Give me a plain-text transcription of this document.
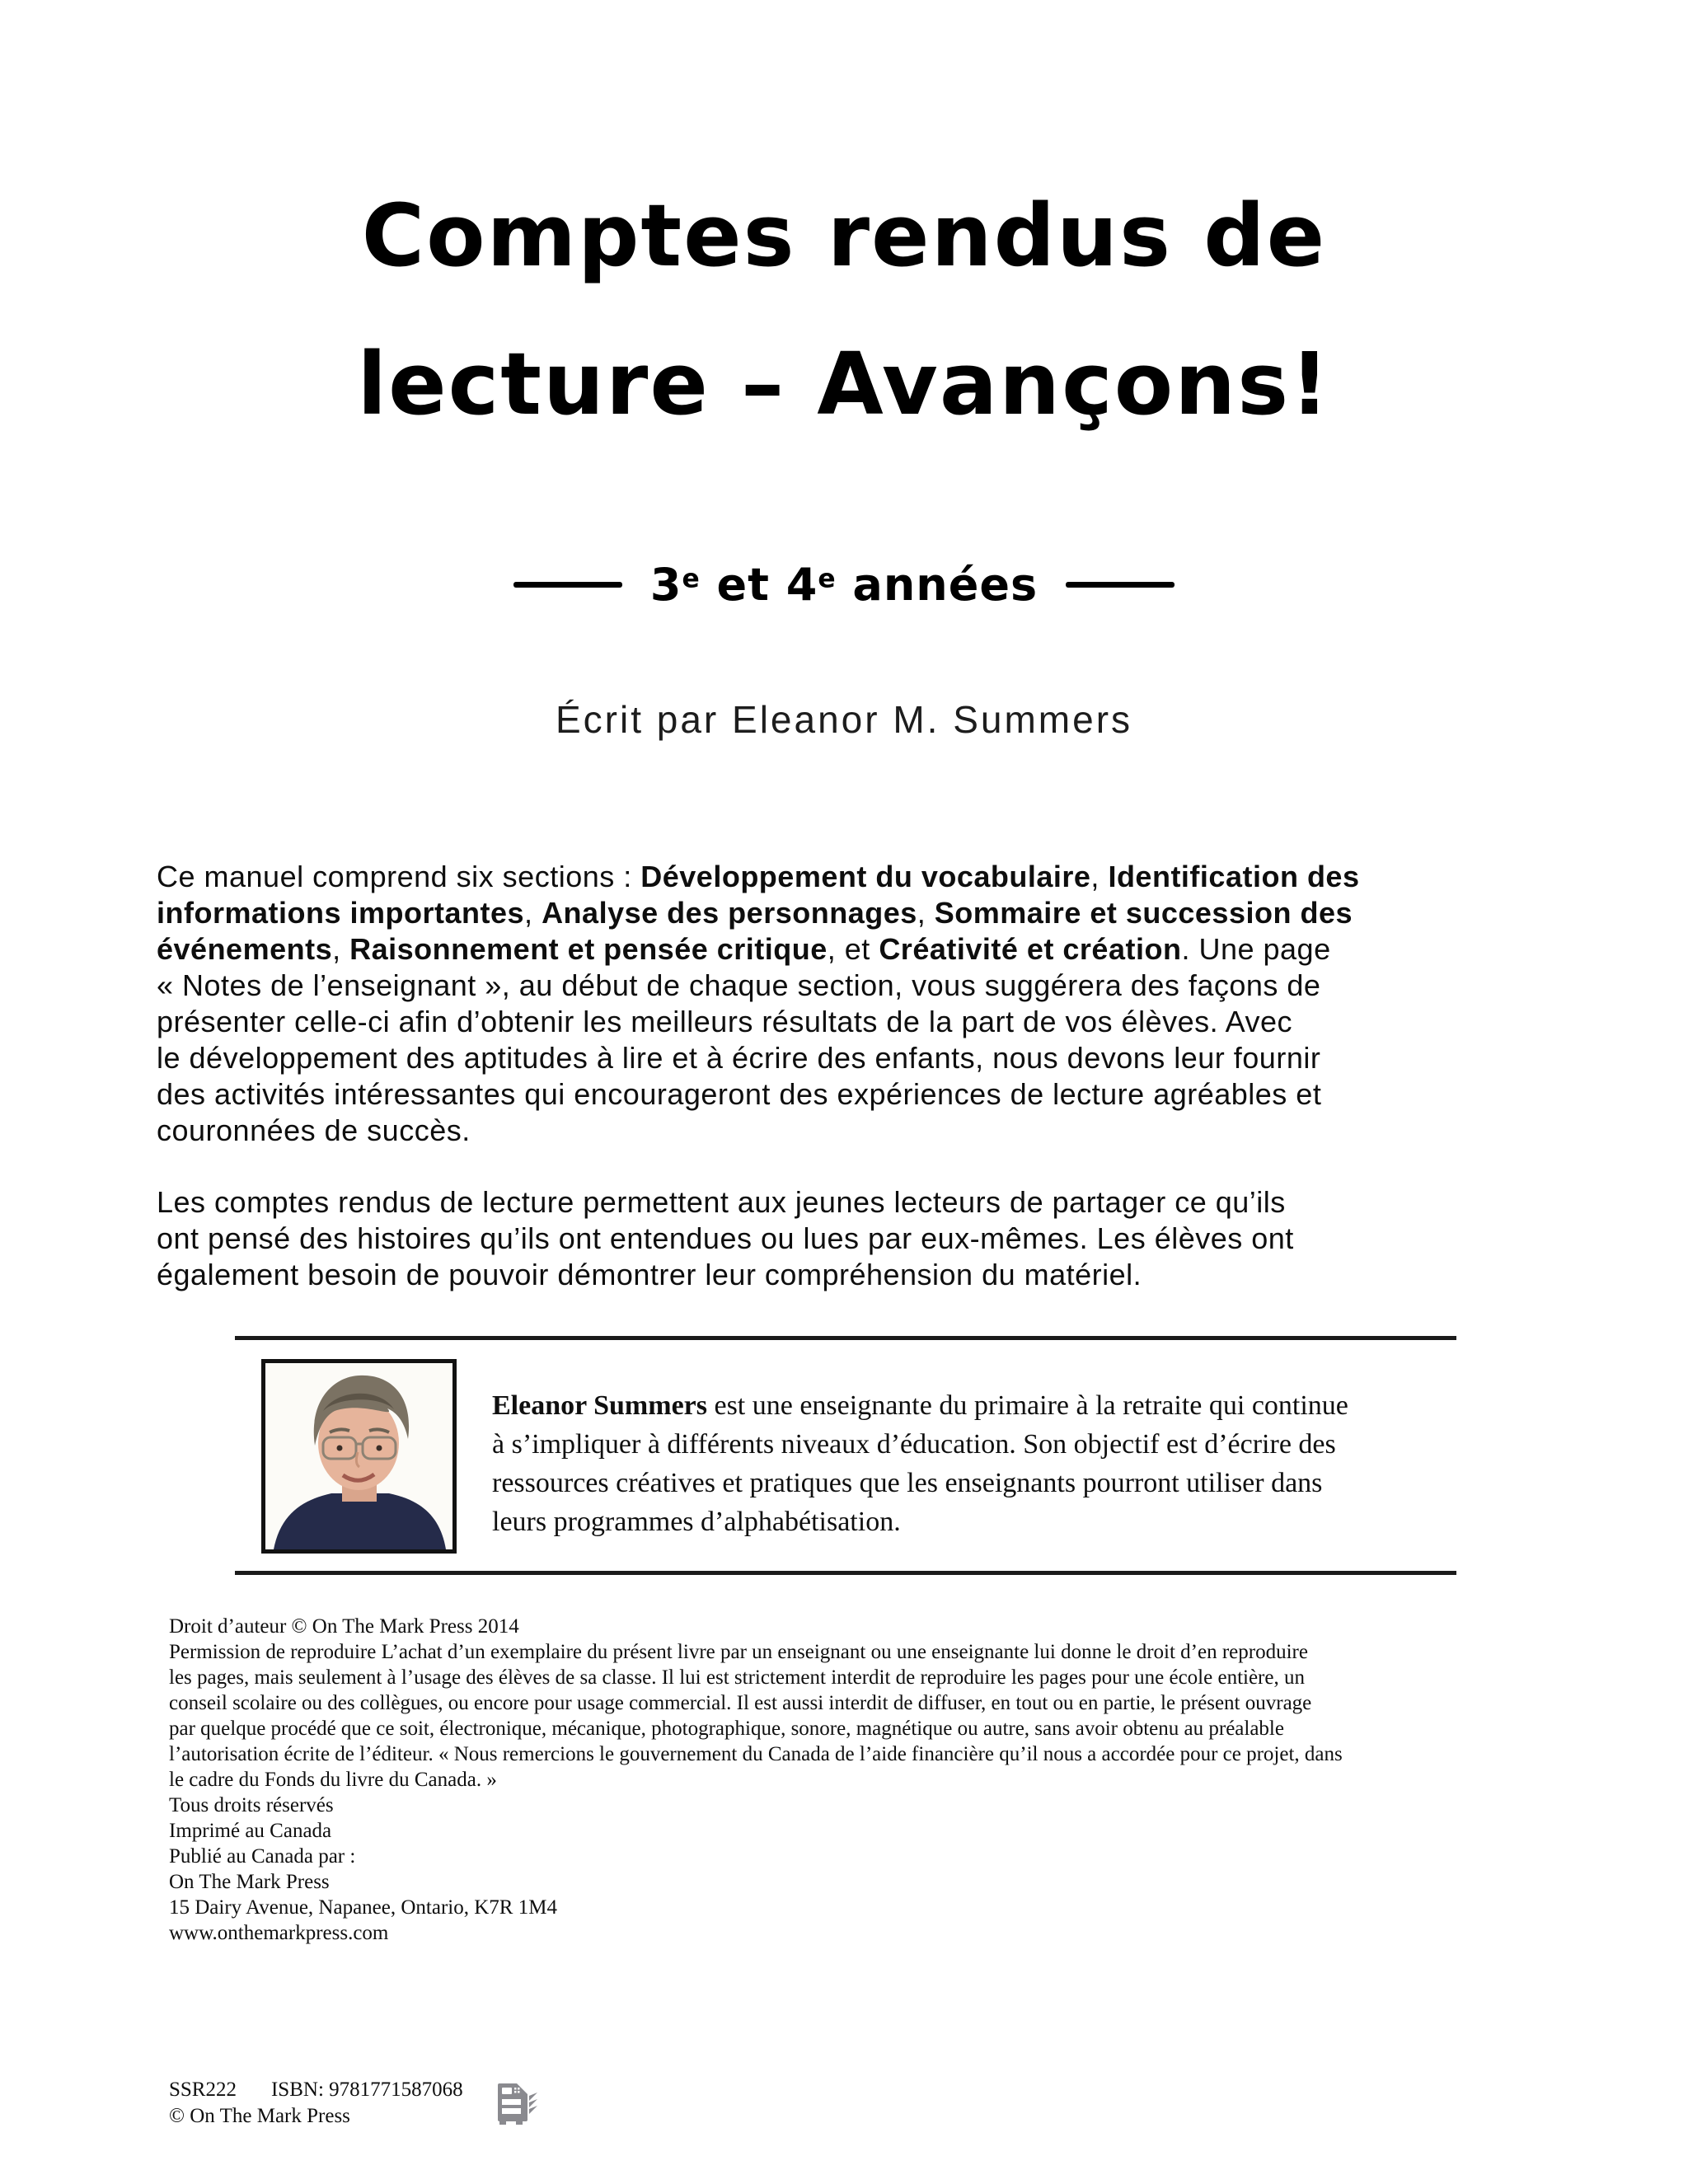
Comptes rendus de
lecture – Avançons!
3e et 4e années
Écrit par Eleanor M. Summers

Ce manuel comprend six sections : Développement du vocabulaire, Identification des
informations importantes, Analyse des personnages, Sommaire et succession des
événements, Raisonnement et pensée critique, et Créativité et création. Une page
« Notes de l’enseignant », au début de chaque section, vous suggérera des façons de
présenter celle-ci afin d’obtenir les meilleurs résultats de la part de vos élèves. Avec
le développement des aptitudes à lire et à écrire des enfants, nous devons leur fournir
des activités intéressantes qui encourageront des expériences de lecture agréables et
couronnées de succès.

Les comptes rendus de lecture permettent aux jeunes lecteurs de partager ce qu’ils
ont pensé des histoires qu’ils ont entendues ou lues par eux-mêmes. Les élèves ont
également besoin de pouvoir démontrer leur compréhension du matériel.

Eleanor Summers est une enseignante du primaire à la retraite qui continue
à s’impliquer à différents niveaux d’éducation. Son objectif est d’écrire des
ressources créatives et pratiques que les enseignants pourront utiliser dans
leurs programmes d’alphabétisation.

Droit d’auteur © On The Mark Press 2014

Permission de reproduire L’achat d’un exemplaire du présent livre par un enseignant ou une enseignante lui donne le droit d’en reproduire
les pages, mais seulement à l’usage des élèves de sa classe. Il lui est strictement interdit de reproduire les pages pour une école entière, un
conseil scolaire ou des collègues, ou encore pour usage commercial. Il est aussi interdit de diffuser, en tout ou en partie, le présent ouvrage
par quelque procédé que ce soit, électronique, mécanique, photographique, sonore, magnétique ou autre, sans avoir obtenu au préalable
l’autorisation écrite de l’éditeur. « Nous remercions le gouvernement du Canada de l’aide financière qu’il nous a accordée pour ce projet, dans
le cadre du Fonds du livre du Canada. »

Tous droits réservés
Imprimé au Canada

Publié au Canada par :
On The Mark Press
15 Dairy Avenue, Napanee, Ontario, K7R 1M4
www.onthemarkpress.com

SSR222 ISBN: 9781771587068
© On The Mark Press
